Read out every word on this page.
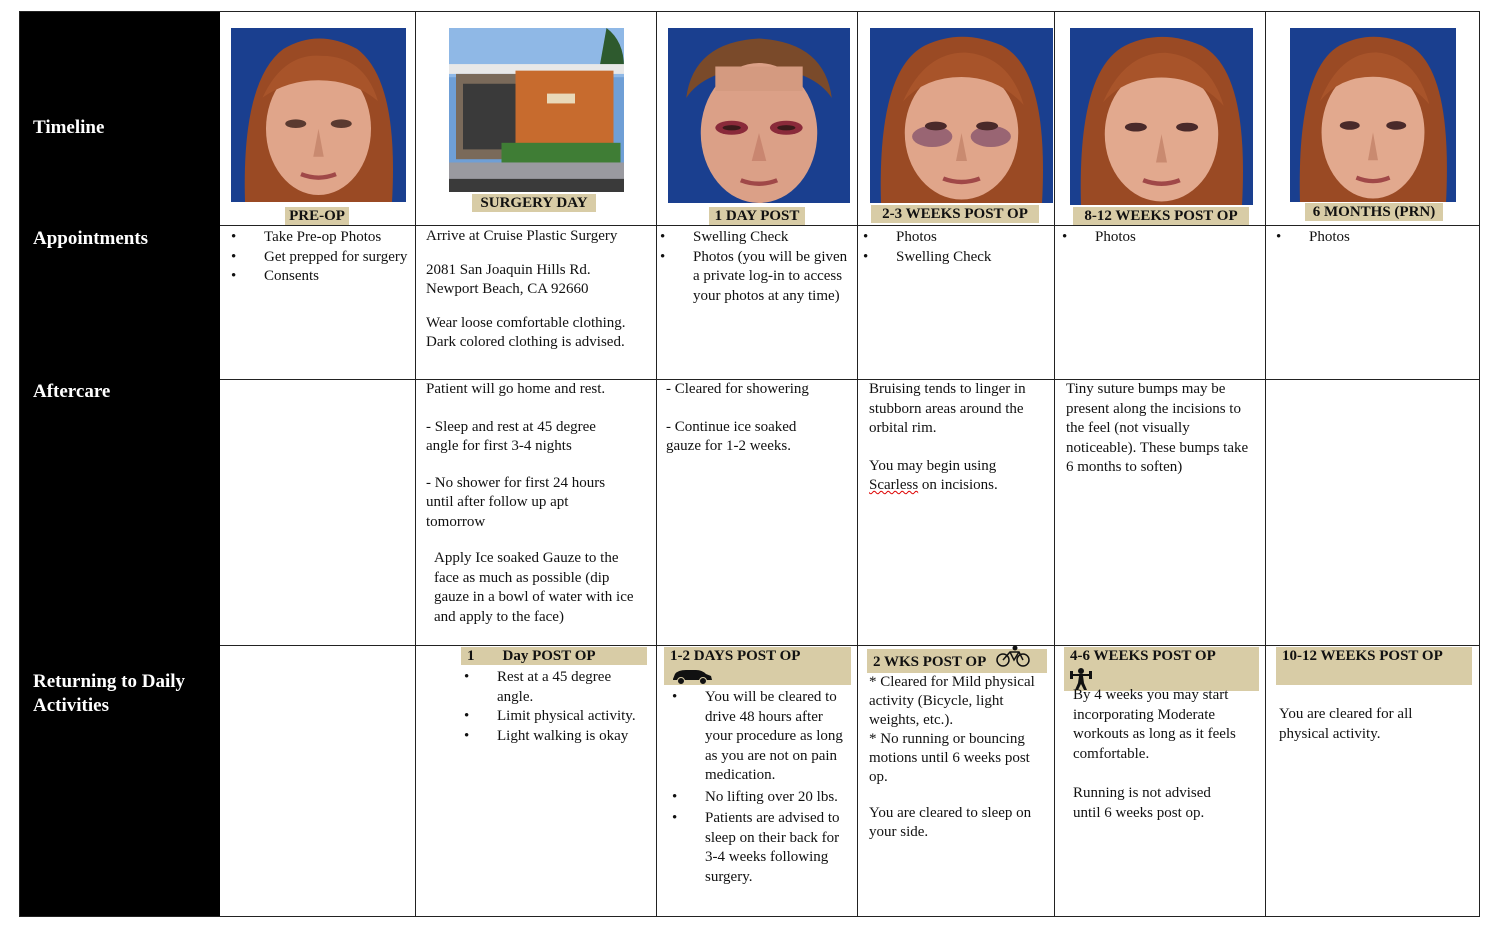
Timeline
Appointments
Aftercare
Returning to Daily Activities
PRE-OP
SURGERY DAY
1 DAY POST	2-3 WEEKS POST OP	8-12 WEEKS POST OP	6 MONTHS (PRN)
• Take Pre-op Photos
• Get prepped for surgery
• Consents

Arrive at Cruise Plastic Surgery

2081 San Joaquin Hills Rd. Newport Beach, CA 92660

Wear loose comfortable clothing. Dark colored clothing is advised.

• Swelling Check
• Photos (you will be given a private log-in to access your photos at any time)
• Photos
• Swelling Check
• Photos
•	Photos

Patient will go home and rest.

- Sleep and rest at 45 degree angle for first 3-4 nights

- No shower for first 24 hours until after follow up apt tomorrow

Apply Ice soaked Gauze to the face as much as possible (dip gauze in a bowl of water with ice and apply to the face)

- Cleared for showering

- Continue ice soaked gauze for 1-2 weeks.

Bruising tends to linger in stubborn areas around the orbital rim.

You may begin using
Scarless on incisions.

Tiny suture bumps may be present along the incisions to the feel (not visually noticeable). These bumps take 6 months to soften)

1 Day POST OP
• Rest at a 45 degree angle.
• Limit physical activity.
• Light walking is okay
1-2 DAYS POST OP
• You will be cleared to drive 48 hours after your procedure as long as you are not on pain medication.
• No lifting over 20 lbs.
• Patients are advised to sleep on their back for 3-4 weeks following surgery.
2 WKS POST OP

* Cleared for Mild physical activity (Bicycle, light weights, etc.).

* No running or bouncing motions until 6 weeks post op.

You are cleared to sleep on your side.

4-6 WEEKS POST OP

By 4 weeks you may start incorporating Moderate workouts as long as it feels comfortable.

Running is not advised until 6 weeks post op.

10-12 WEEKS POST OP

You are cleared for all physical activity.
